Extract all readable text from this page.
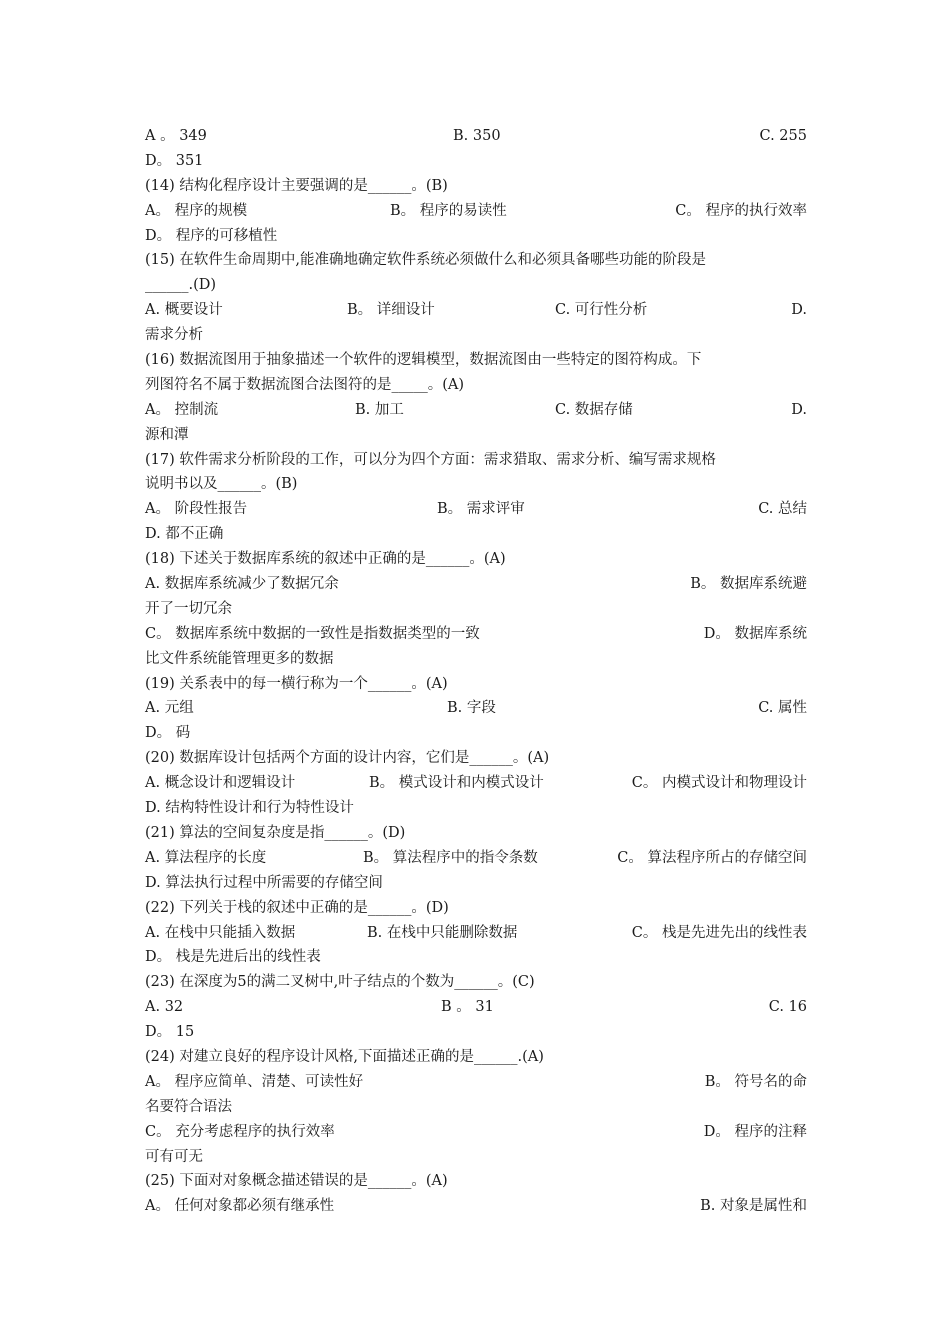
A 。 349	B. 350	C. 255
D。 351
(14) 结构化程序设计主要强调的是______。(B)
A。 程序的规模	B。 程序的易读性	C。 程序的执行效率
D。 程序的可移植性
(15) 在软件生命周期中,能准确地确定软件系统必须做什么和必须具备哪些功能的阶段是
______.(D)
A. 概要设计	B。 详细设计	C. 可行性分析	D.
需求分析
(16) 数据流图用于抽象描述一个软件的逻辑模型，数据流图由一些特定的图符构成。下
列图符名不属于数据流图合法图符的是_____。(A)
A。 控制流	B. 加工	C. 数据存储	D.
源和潭
(17) 软件需求分析阶段的工作，可以分为四个方面：需求猎取、需求分析、编写需求规格
说明书以及______。(B)
A。 阶段性报告	B。 需求评审	C. 总结
D. 都不正确
(18) 下述关于数据库系统的叙述中正确的是______。(A)
A. 数据库系统减少了数据冗余	B。 数据库系统避
开了一切冗余
C。 数据库系统中数据的一致性是指数据类型的一致	D。 数据库系统
比文件系统能管理更多的数据
(19) 关系表中的每一横行称为一个______。(A)
A. 元组	B. 字段	C. 属性
D。 码
(20) 数据库设计包括两个方面的设计内容，它们是______。(A)
A. 概念设计和逻辑设计	B。 模式设计和内模式设计	C。 内模式设计和物理设计
D. 结构特性设计和行为特性设计
(21) 算法的空间复杂度是指______。(D)
A. 算法程序的长度	B。 算法程序中的指令条数	C。 算法程序所占的存储空间
D. 算法执行过程中所需要的存储空间
(22) 下列关于栈的叙述中正确的是______。(D)
A. 在栈中只能插入数据	B. 在栈中只能删除数据	C。 栈是先进先出的线性表
D。 栈是先进后出的线性表
(23) 在深度为5的满二叉树中,叶子结点的个数为______。(C)
A. 32	B 。 31	C. 16
D。 15
(24) 对建立良好的程序设计风格,下面描述正确的是______.(A)
A。 程序应简单、清楚、可读性好	B。 符号名的命
名要符合语法
C。 充分考虑程序的执行效率	D。 程序的注释
可有可无
(25) 下面对对象概念描述错误的是______。(A)
A。 任何对象都必须有继承性	B. 对象是属性和
